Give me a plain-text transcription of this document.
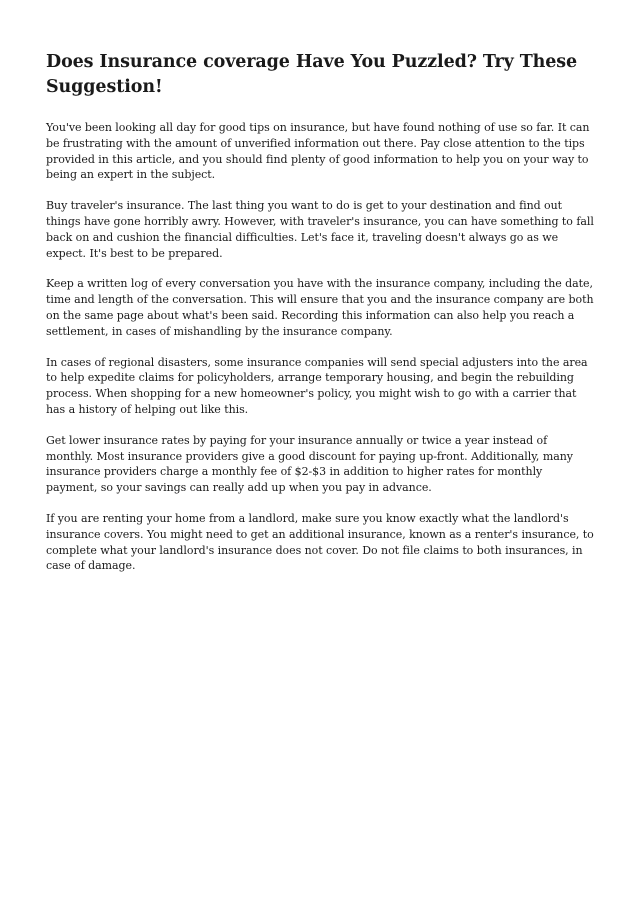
Does Insurance coverage Have You Puzzled? Try These Suggestion!

You've been looking all day for good tips on insurance, but have found nothing of use so far. It can be frustrating with the amount of unverified information out there. Pay close attention to the tips provided in this article, and you should find plenty of good information to help you on your way to being an expert in the subject.

Buy traveler's insurance. The last thing you want to do is get to your destination and find out things have gone horribly awry. However, with traveler's insurance, you can have something to fall back on and cushion the financial difficulties. Let's face it, traveling doesn't always go as we expect. It's best to be prepared.

Keep a written log of every conversation you have with the insurance company, including the date, time and length of the conversation. This will ensure that you and the insurance company are both on the same page about what's been said. Recording this information can also help you reach a settlement, in cases of mishandling by the insurance company.

In cases of regional disasters, some insurance companies will send special adjusters into the area to help expedite claims for policyholders, arrange temporary housing, and begin the rebuilding process. When shopping for a new homeowner's policy, you might wish to go with a carrier that has a history of helping out like this.

Get lower insurance rates by paying for your insurance annually or twice a year instead of monthly. Most insurance providers give a good discount for paying up-front. Additionally, many insurance providers charge a monthly fee of $2-$3 in addition to higher rates for monthly payment, so your savings can really add up when you pay in advance.

If you are renting your home from a landlord, make sure you know exactly what the landlord's insurance covers. You might need to get an additional insurance, known as a renter's insurance, to complete what your landlord's insurance does not cover. Do not file claims to both insurances, in case of damage.
